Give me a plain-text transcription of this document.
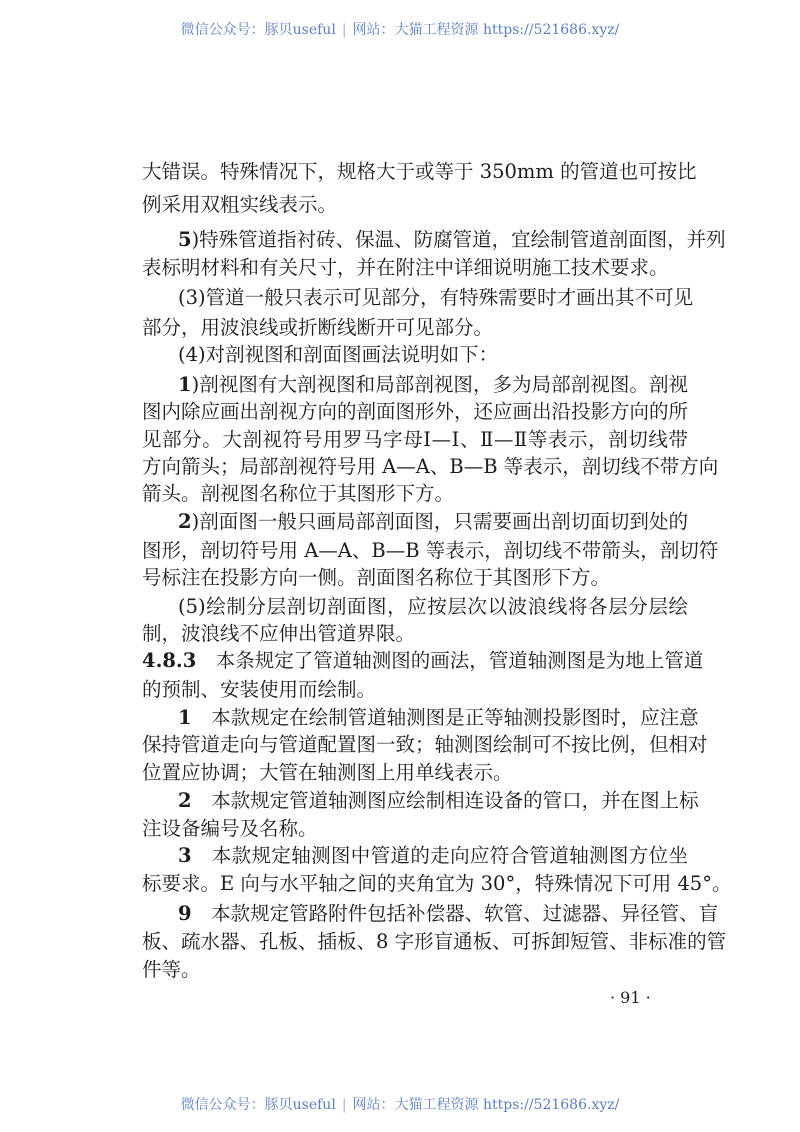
微信公众号：豚贝useful | 网站：大猫工程资源 https://521686.xyz/
大错误。特殊情况下，规格大于或等于 350mm 的管道也可按比
例采用双粗实线表示。
5)特殊管道指衬砖、保温、防腐管道，宜绘制管道剖面图，并列
表标明材料和有关尺寸，并在附注中详细说明施工技术要求。
(3)管道一般只表示可见部分，有特殊需要时才画出其不可见
部分，用波浪线或折断线断开可见部分。
(4)对剖视图和剖面图画法说明如下：
1)剖视图有大剖视图和局部剖视图，多为局部剖视图。剖视
图内除应画出剖视方向的剖面图形外，还应画出沿投影方向的所
见部分。大剖视符号用罗马字母Ⅰ—Ⅰ、Ⅱ—Ⅱ等表示，剖切线带
方向箭头；局部剖视符号用 A—A、B—B 等表示，剖切线不带方向
箭头。剖视图名称位于其图形下方。
2)剖面图一般只画局部剖面图，只需要画出剖切面切到处的
图形，剖切符号用 A—A、B—B 等表示，剖切线不带箭头，剖切符
号标注在投影方向一侧。剖面图名称位于其图形下方。
(5)绘制分层剖切剖面图，应按层次以波浪线将各层分层绘
制，波浪线不应伸出管道界限。
4.8.3　本条规定了管道轴测图的画法，管道轴测图是为地上管道
的预制、安装使用而绘制。
1　本款规定在绘制管道轴测图是正等轴测投影图时，应注意
保持管道走向与管道配置图一致；轴测图绘制可不按比例，但相对
位置应协调；大管在轴测图上用单线表示。
2　本款规定管道轴测图应绘制相连设备的管口，并在图上标
注设备编号及名称。
3　本款规定轴测图中管道的走向应符合管道轴测图方位坐
标要求。E 向与水平轴之间的夹角宜为 30°，特殊情况下可用 45°。
9　本款规定管路附件包括补偿器、软管、过滤器、异径管、盲
板、疏水器、孔板、插板、8 字形盲通板、可拆卸短管、非标准的管
件等。
· 91 ·
微信公众号：豚贝useful | 网站：大猫工程资源 https://521686.xyz/
